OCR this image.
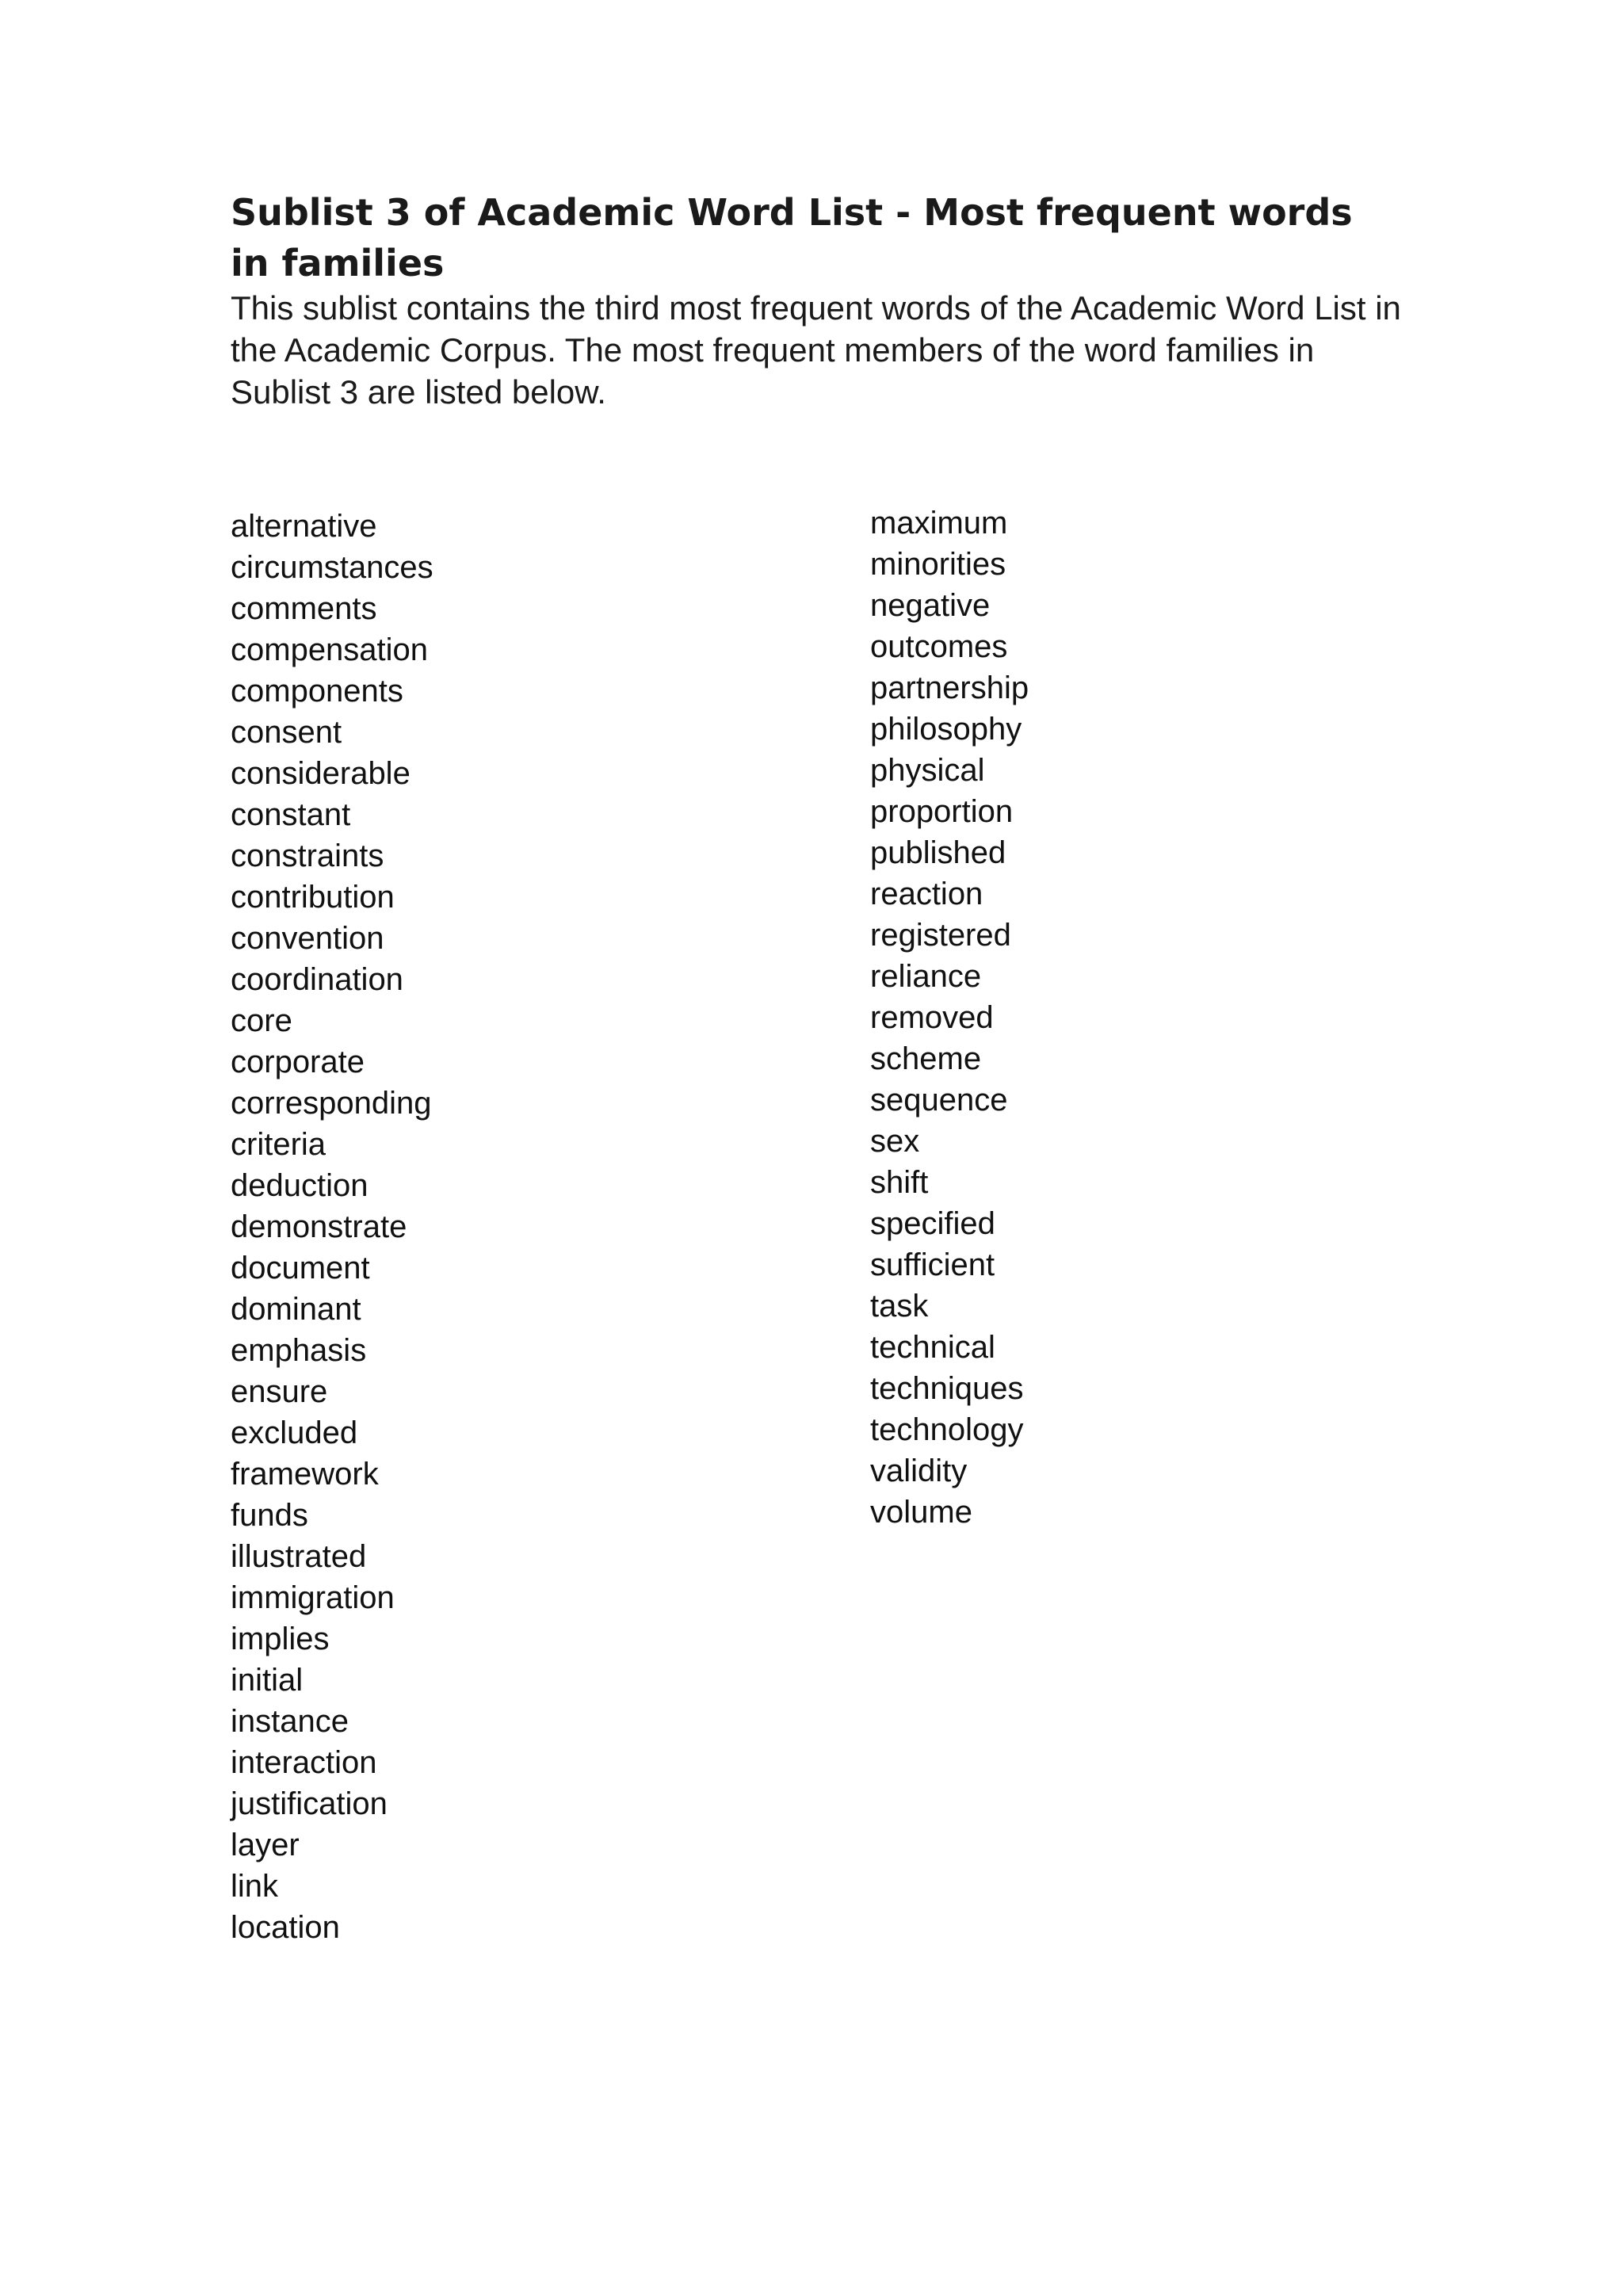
Sublist 3 of Academic Word List - Most frequent words in families

This sublist contains the third most frequent words of the Academic Word List in the Academic Corpus. The most frequent members of the word families in Sublist 3 are listed below.

alternative
circumstances
comments
compensation
components
consent
considerable
constant
constraints
contribution
convention
coordination
core
corporate
corresponding
criteria
deduction
demonstrate
document
dominant
emphasis
ensure
excluded
framework
funds
illustrated
immigration
implies
initial
instance
interaction
justification
layer
link
location
maximum
minorities
negative
outcomes
partnership
philosophy
physical
proportion
published
reaction
registered
reliance
removed
scheme
sequence
sex
shift
specified
sufficient
task
technical
techniques
technology
validity
volume
